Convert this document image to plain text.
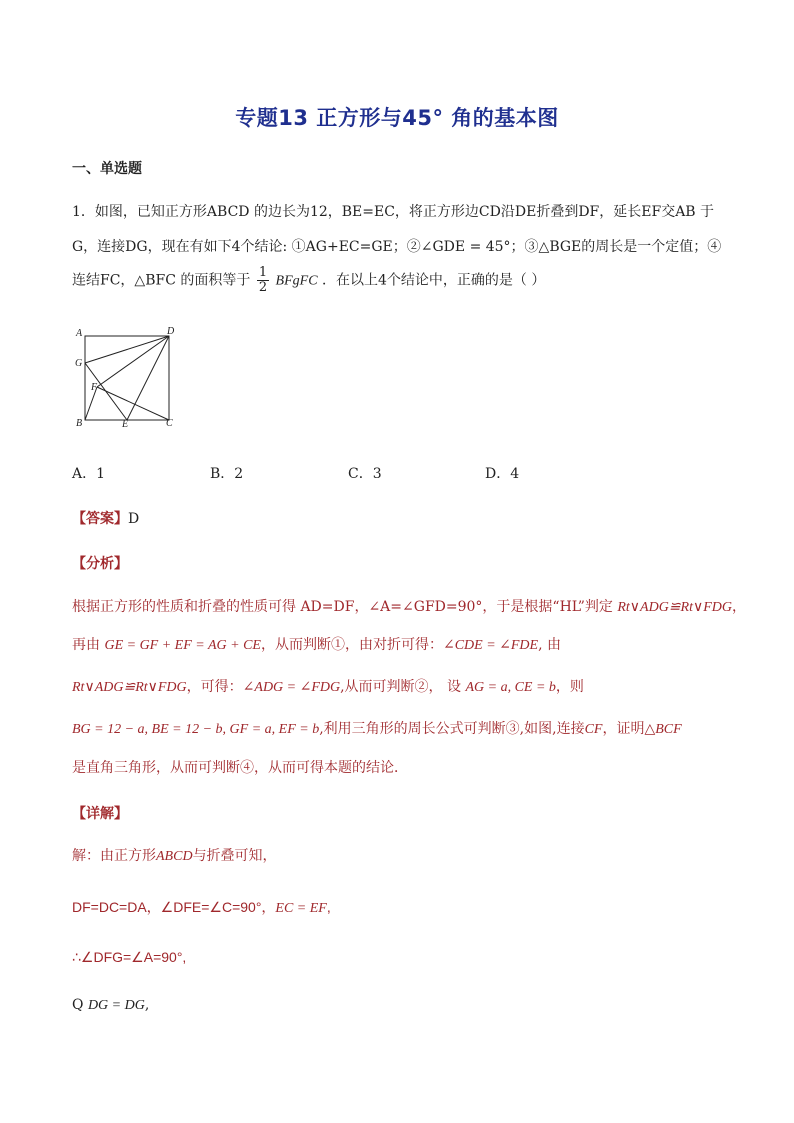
专题13 正方形与45° 角的基本图
一、单选题
1．如图，已知正方形ABCD 的边长为12，BE=EC，将正方形边CD沿DE折叠到DF，延长EF交AB 于
G，连接DG，现在有如下4个结论: ①AG+EC=GE；②∠GDE = 45°；③△BGE的周长是一个定值；④
连结FC，△BFC 的面积等于 $\frac{1}{2}$ BFgFC ．在以上4个结论中，正确的是（ ）
A	D
G
F
B	E	C
A．1	B．2	C．3	D．4
【答案】D
【分析】
根据正方形的性质和折叠的性质可得 AD=DF，∠A=∠GFD=90°，于是根据“HL”判定 Rt∨ADG≌Rt∨FDG，
再由 GE = GF + EF = AG + CE，从而判断①，由对折可得：∠CDE = ∠FDE, 由
Rt∨ADG≌Rt∨FDG，可得：∠ADG = ∠FDG,从而可判断②， 设 AG = a, CE = b，则
BG = 12 − a, BE = 12 − b, GF = a, EF = b,利用三角形的周长公式可判断③,如图,连接CF，证明△BCF
是直角三角形，从而可判断④，从而可得本题的结论．
【详解】
解：由正方形ABCD与折叠可知，
DF=DC=DA，∠DFE=∠C=90°，EC = EF,
∴∠DFG=∠A=90°,
Q DG = DG,
